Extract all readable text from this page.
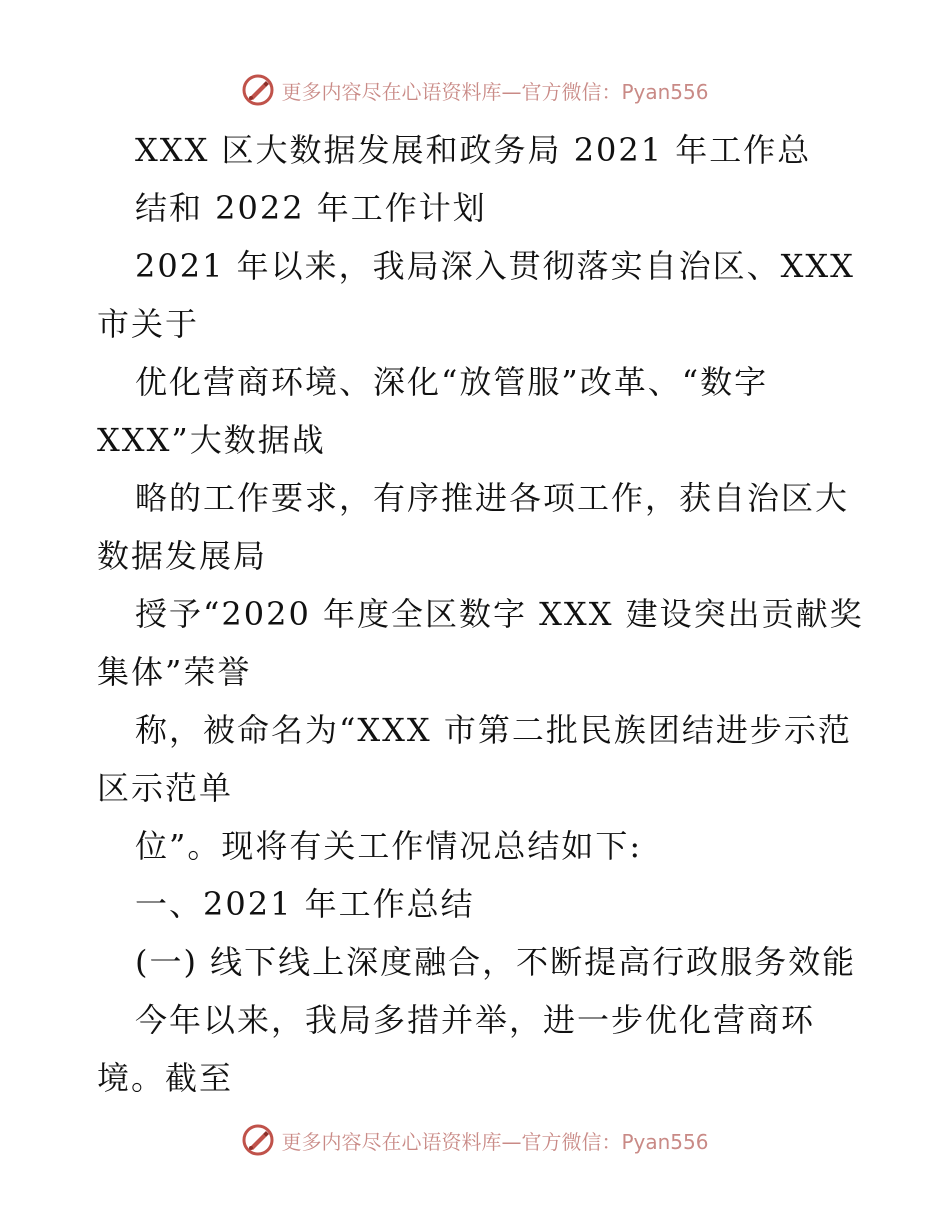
更多内容尽在心语资料库—官方微信：Pyan556
XXX 区大数据发展和政务局 2021 年工作总
结和 2022 年工作计划
2021 年以来，我局深入贯彻落实自治区、XXX
市关于
优化营商环境、深化“放管服”改革、“数字
XXX”大数据战
略的工作要求，有序推进各项工作，获自治区大
数据发展局
授予“2020 年度全区数字 XXX 建设突出贡献奖
集体”荣誉
称，被命名为“XXX 市第二批民族团结进步示范
区示范单
位”。现将有关工作情况总结如下:
一、2021 年工作总结
(一) 线下线上深度融合，不断提高行政服务效能
今年以来，我局多措并举，进一步优化营商环
境。截至
更多内容尽在心语资料库—官方微信：Pyan556
